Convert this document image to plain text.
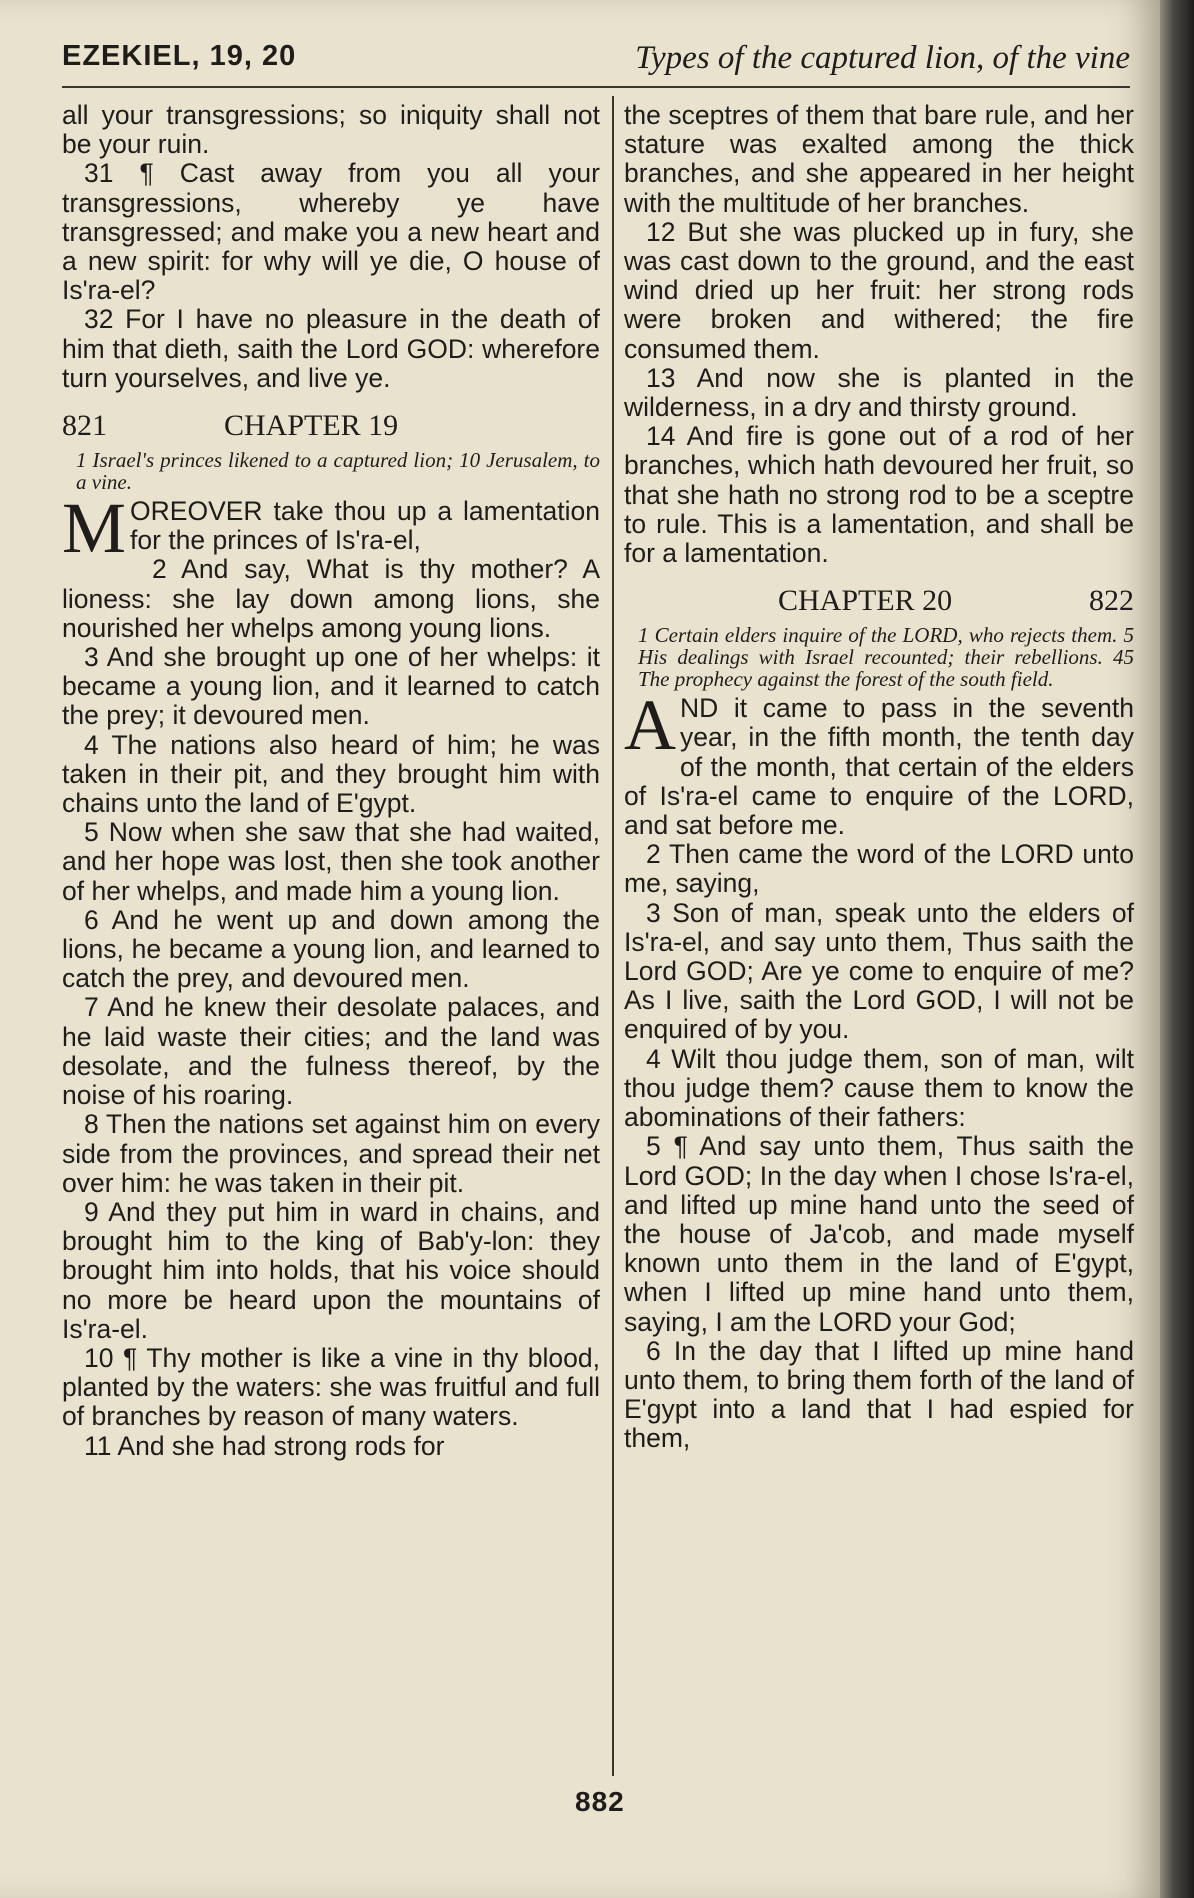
EZEKIEL, 19, 20	Types of the captured lion, of the vine

all your transgressions; so iniquity shall not be your ruin.

31 ¶ Cast away from you all your transgressions, whereby ye have transgressed; and make you a new heart and a new spirit: for why will ye die, O house of Is'ra-el?

32 For I have no pleasure in the death of him that dieth, saith the Lord GOD: wherefore turn yourselves, and live ye.

821	CHAPTER 19
1 Israel's princes likened to a captured lion; 10 Jerusalem, to a vine.

M OREOVER take thou up a lamentation for the princes of Is'ra-el,

2 And say, What is thy mother? A lioness: she lay down among lions, she nourished her whelps among young lions.

3 And she brought up one of her whelps: it became a young lion, and it learned to catch the prey; it devoured men.

4 The nations also heard of him; he was taken in their pit, and they brought him with chains unto the land of E'gypt.

5 Now when she saw that she had waited, and her hope was lost, then she took another of her whelps, and made him a young lion.

6 And he went up and down among the lions, he became a young lion, and learned to catch the prey, and devoured men.

7 And he knew their desolate palaces, and he laid waste their cities; and the land was desolate, and the fulness thereof, by the noise of his roaring.

8 Then the nations set against him on every side from the provinces, and spread their net over him: he was taken in their pit.

9 And they put him in ward in chains, and brought him to the king of Bab'y-lon: they brought him into holds, that his voice should no more be heard upon the mountains of Is'ra-el.

10 ¶ Thy mother is like a vine in thy blood, planted by the waters: she was fruitful and full of branches by reason of many waters.

11 And she had strong rods for

the sceptres of them that bare rule, and her stature was exalted among the thick branches, and she appeared in her height with the multitude of her branches.

12 But she was plucked up in fury, she was cast down to the ground, and the east wind dried up her fruit: her strong rods were broken and withered; the fire consumed them.

13 And now she is planted in the wilderness, in a dry and thirsty ground.

14 And fire is gone out of a rod of her branches, which hath devoured her fruit, so that she hath no strong rod to be a sceptre to rule. This is a lamentation, and shall be for a lamentation.

CHAPTER 20	822
1 Certain elders inquire of the LORD, who rejects them. 5 His dealings with Israel recounted; their rebellions. 45 The prophecy against the forest of the south field.

A ND it came to pass in the seventh year, in the fifth month, the tenth day of the month, that certain of the elders of Is'ra-el came to enquire of the LORD, and sat before me.

2 Then came the word of the LORD unto me, saying,

3 Son of man, speak unto the elders of Is'ra-el, and say unto them, Thus saith the Lord GOD; Are ye come to enquire of me? As I live, saith the Lord GOD, I will not be enquired of by you.

4 Wilt thou judge them, son of man, wilt thou judge them? cause them to know the abominations of their fathers:

5 ¶ And say unto them, Thus saith the Lord GOD; In the day when I chose Is'ra-el, and lifted up mine hand unto the seed of the house of Ja'cob, and made myself known unto them in the land of E'gypt, when I lifted up mine hand unto them, saying, I am the LORD your God;

6 In the day that I lifted up mine hand unto them, to bring them forth of the land of E'gypt into a land that I had espied for them,

882
